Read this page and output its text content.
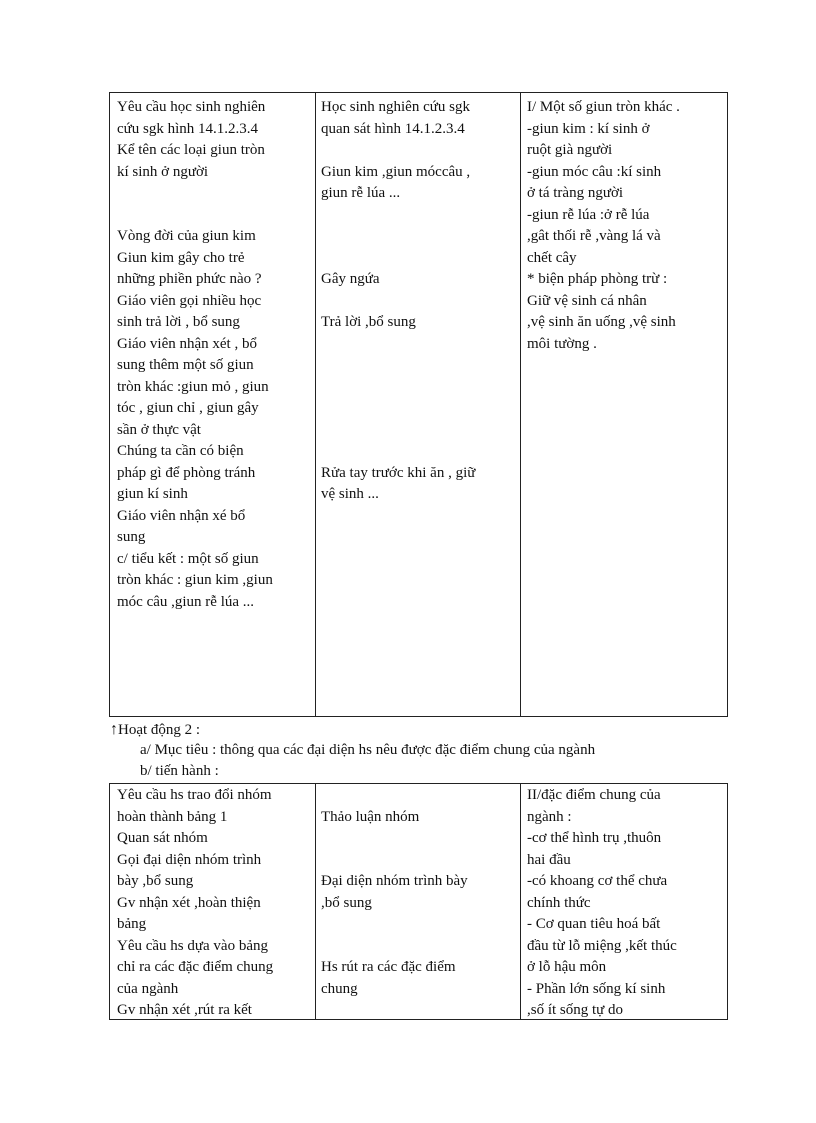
Yêu cầu học sinh nghiên
cứu sgk hình 14.1.2.3.4
Kể tên các loại giun tròn
kí sinh ở người
Vòng đời của giun kim
Giun kim gây cho trẻ
những phiền phức nào ?
Giáo viên gọi nhiều học
sinh trả lời , bổ sung
Giáo viên nhận xét , bổ
sung thêm một số giun
tròn khác :giun mỏ , giun
tóc , giun chỉ , giun gây
sần ở thực vật
Chúng ta cần có biện
pháp gì để phòng tránh
giun kí sinh
Giáo viên nhận xé bổ
sung
c/ tiểu kết : một số giun
tròn khác : giun kim ,giun
móc câu ,giun rễ lúa ...
Học sinh nghiên cứu sgk
quan sát hình 14.1.2.3.4
Giun kim ,giun móccâu ,
giun rễ lúa ...
Gây ngứa
Trả lời ,bổ sung
Rửa tay trước khi ăn , giữ
vệ sinh ...
I/ Một số giun tròn khác .
-giun kim : kí sinh ở
ruột già người
-giun móc câu :kí sinh
ở tá tràng người
-giun rễ lúa :ở rễ lúa
,gât thối rễ ,vàng lá và
chết cây
* biện pháp phòng trừ :
Giữ vệ sinh cá nhân
,vệ sinh ăn uống ,vệ sinh
môi tường .
↑Hoạt động 2 :
a/ Mục tiêu : thông qua các đại diện hs nêu được đặc điểm chung của ngành
b/ tiến hành :
Yêu cầu hs trao đổi nhóm
hoàn thành bảng 1
Quan sát nhóm
Gọi đại diện nhóm trình
bày ,bổ sung
Gv nhận xét ,hoàn thiện
bảng
Yêu cầu hs dựa vào bảng
chỉ ra các đặc điểm chung
của ngành
Gv nhận xét ,rút ra kết
Thảo luận nhóm
Đại diện nhóm trình bày
,bổ sung
Hs rút ra các đặc điểm
chung
II/đặc điểm chung của
ngành :
-cơ thể hình trụ ,thuôn
hai đầu
-có khoang cơ thể chưa
chính thức
- Cơ quan tiêu hoá bất
đầu từ lỗ miệng ,kết thúc
ở lỗ hậu môn
- Phần lớn sống kí sinh
,số ít sống tự do
